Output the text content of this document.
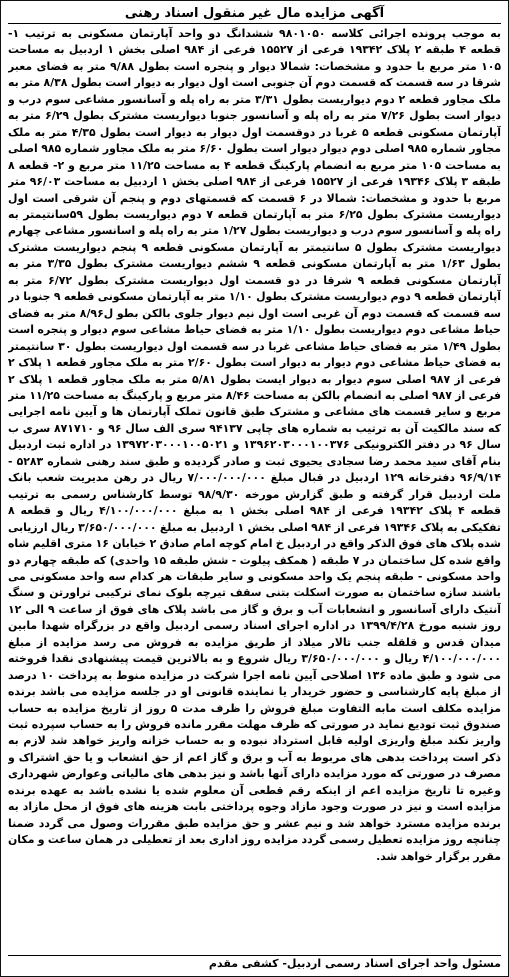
آگهی مزایده مال غیر منقول اسناد رهنی
به موجب پرونده اجرائی کلاسه ۹۸۰۱۰۵۰ ششدانگ دو واحد آپارتمان مسکونی به ترتیب ۱- قطعه ۴ طبقه ۲ پلاک ۱۹۳۴۲ فرعی از ۱۵۵۲۷ فرعی از ۹۸۴ اصلی بخش ۱ اردبیل به مساحت ۱۰۵ متر مربع با حدود و مشخصات: شمالا دیوار و پنجره است بطول ۹/۸۸ متر به فضای معبر شرقا در سه قسمت که قسمت دوم آن جنوبی است اول دیوار به دیوار است بطول ۸/۳۸ متر به ملک مجاور قطعه ۲ دوم دیواریست بطول ۳/۳۱ متر به راه پله و آسانسور مشاعی سوم درب و دیوار است بطول ۷/۲۶ متر به راه پله و آسانسور جنوبا دیواریست مشترک بطول ۶/۲۹ متر به آپارتمان مسکونی قطعه ۵ غربا در دوقسمت اول دیوار به دیوار است بطول ۴/۳۵ متر به ملک مجاور شماره ۹۸۵ اصلی دوم دیوار دیوار است بطول ۶/۶۰ متر به ملک مجاور شماره ۹۸۵ اصلی به مساحت ۱۰۵ متر مربع به انضمام پارکینگ قطعه ۴ به مساحت ۱۱/۲۵ متر مربع و ۲- قطعه ۸ طبقه ۳ پلاک ۱۹۳۴۶ فرعی از ۱۵۵۲۷ فرعی از ۹۸۴ اصلی بخش ۱ اردبیل به مساحت ۹۶/۰۳ متر مربع با حدود و مشخصات: شمالا در ۶ قسمت که قسمتهای دوم و پنجم آن شرقی است اول دیواریست مشترک بطول ۶/۲۵ متر به آپارتمان قطعه ۷ دوم دیواریست بطول ۵۹سانتیمتر به راه پله و آسانسور سوم درب و دیواریست بطول ۱/۲۷ متر به راه پله و اسانسور مشاعی چهارم دیواریست مشترک بطول ۵ سانتیمتر به آپارتمان مسکونی قطعه ۹ پنجم دیواریست مشترک بطول ۱/۶۳ متر به آپارتمان مسکونی قطعه ۹ ششم دیواریست مشترک بطول ۳/۳۵ متر به آپارتمان مسکونی قطعه ۹ شرقا در دو قسمت اول دیواریست مشترک بطول ۶/۷۲ متر به آپارتمان قطعه ۹ دوم دیواریست مشترک بطول ۱/۱۰ متر به آپارتمان مسکونی قطعه ۹ جنوبا در سه قسمت که قسمت دوم آن غربی است اول نیم دیوار جلوی بالکن بطو ل۸/۹۶ متر به فضای حیاط مشاعی دوم دیواریست بطول ۱/۱۰ متر به فضای حیاط مشاعی سوم دیوار و پنجره است بطول ۱/۴۹ متر به فضای حیاط مشاعی غربا در سه قسمت اول دیواریست بطول ۳۰ سانتیمتر به فضای حیاط مشاعی دوم دیوار به دیوار است بطول ۲/۶۰ متر به ملک مجاور قطعه ۱ پلاک ۲ فرعی از ۹۸۷ اصلی سوم دیوار به دیوار ایست بطول ۵/۸۱ متر به ملک مجاور قطعه ۱ پلاک ۲ فرعی از ۹۸۷ اصلی به انضمام بالکن به مساحت ۸/۴۶ متر مربع و پارکینگ به مساحت ۱۱/۲۵ متر مربع و سایر قسمت های مشاعی و مشترک طبق قانون تملک آپارتمان ها و آیین نامه اجرایی که سند مالکیت آن به ترتیب به شماره های چاپی ۹۴۱۳۷ سری الف سال ۹۶ و ۸۷۱۷۱۰ سری ب سال ۹۶ در دفتر الکترونیکی ۱۳۹۶۲۰۳۰۰۰۱۰۰۳۷۶ و ۱۳۹۷۲۰۳۰۰۰۱۰۰۵۰۲۱ در اداره ثبت اردبیل بنام آقای سید محمد رضا سجادی یحیوی ثبت و صادر گردیده و طبق سند رهنی شماره ۵۲۸۳ - ۹۶/۹/۱۴ دفترخانه ۱۲۹ اردبیل در قبال مبلغ ۷/۰۰۰/۰۰۰/۰۰۰ ریال در رهن مدیریت شعب بانک ملت اردبیل قرار گرفته و طبق گزارش مورخه ۹۸/۹/۳۰ توسط کارشناس رسمی به ترتیب قطعه ۴ پلاک ۱۹۳۴۲ فرعی از ۹۸۴ اصلی بخش ۱ به مبلغ ۴/۱۰۰/۰۰۰/۰۰۰ ریال و قطعه ۸ تفکیکی به پلاک ۱۹۳۴۶ فرعی از ۹۸۴ اصلی بخش ۱ اردبیل به مبلغ ۳/۶۵۰/۰۰۰/۰۰۰ ریال ارزیابی شده پلاک های فوق الذکر واقع در اردبیل خ امام کوچه امام صادق ۲ خیابان ۱۶ متری اقلیم شاه واقع شده کل ساختمان در ۷ طبقه ( همکف پیلوت - شش طبقه ۱۵ واحدی) که طبقه چهارم دو واحد مسکونی - طبقه پنجم یک واحد مسکونی و سایر طبقات هر کدام سه واحد مسکونی می باشند سازه ساختمان به صورت اسکلت بتنی سقف تیرچه بلوک نمای ترکیبی تراورتن و سنگ آنتیک دارای آسانسور و انشعابات آب و برق و گاز می باشد پلاک های فوق از ساعت ۹ الی ۱۲ روز شنبه مورخ ۱۳۹۹/۴/۲۸ در اداره اجرای اسناد رسمی اردبیل واقع در بزرگراه شهدا مابین میدان قدس و قلقله جنب تالار میلاد از طریق مزایده به فروش می رسد مزایده از مبلغ ۴/۱۰۰/۰۰۰/۰۰۰ ریال و ۳/۶۵۰/۰۰۰/۰۰۰ ریال شروع و به بالاترین قیمت پیشنهادی نقدا فروخته می شود و طبق ماده ۱۳۶ اصلاحی آیین نامه اجرا شرکت در مزایده منوط به پرداخت ۱۰ درصد از مبلغ پایه کارشناسی و حضور خریدار یا نماینده قانونی او در جلسه مزایده می باشد برنده مزایده مکلف است مابه التفاوت مبلغ فروش را ظرف مدت ۵ روز از تاریخ مزایده به حساب صندوق ثبت تودیع نماید در صورتی که ظرف مهلت مقرر مانده فروش را به حساب سپرده ثبت واریز نکند مبلغ واریزی اولیه قابل استرداد نبوده و به حساب خزانه واریز خواهد شد لازم به ذکر است پرداخت بدهی های مربوط به آب و برق و گاز اعم از حق انشعاب و یا حق اشتراک و مصرف در صورتی که مورد مزایده دارای آنها باشد و نیز بدهی های مالیاتی وعوارض شهرداری وغیره تا تاریخ مزایده اعم از اینکه رقم قطعی آن معلوم شده یا نشده باشد به عهده برنده مزایده است و نیز در صورت وجود مازاد وجوه پرداختی بابت هزینه های فوق از محل مازاد به برنده مزایده مسترد خواهد شد و نیم عشر و حق مزایده طبق مقررات وصول می گردد ضمنا چنانچه روز مزایده تعطیل رسمی گردد مزایده روز اداری بعد از تعطیلی در همان ساعت و مکان مقرر برگزار خواهد شد.
مسئول واحد اجرای اسناد رسمی اردبیل- کشفی مقدم
